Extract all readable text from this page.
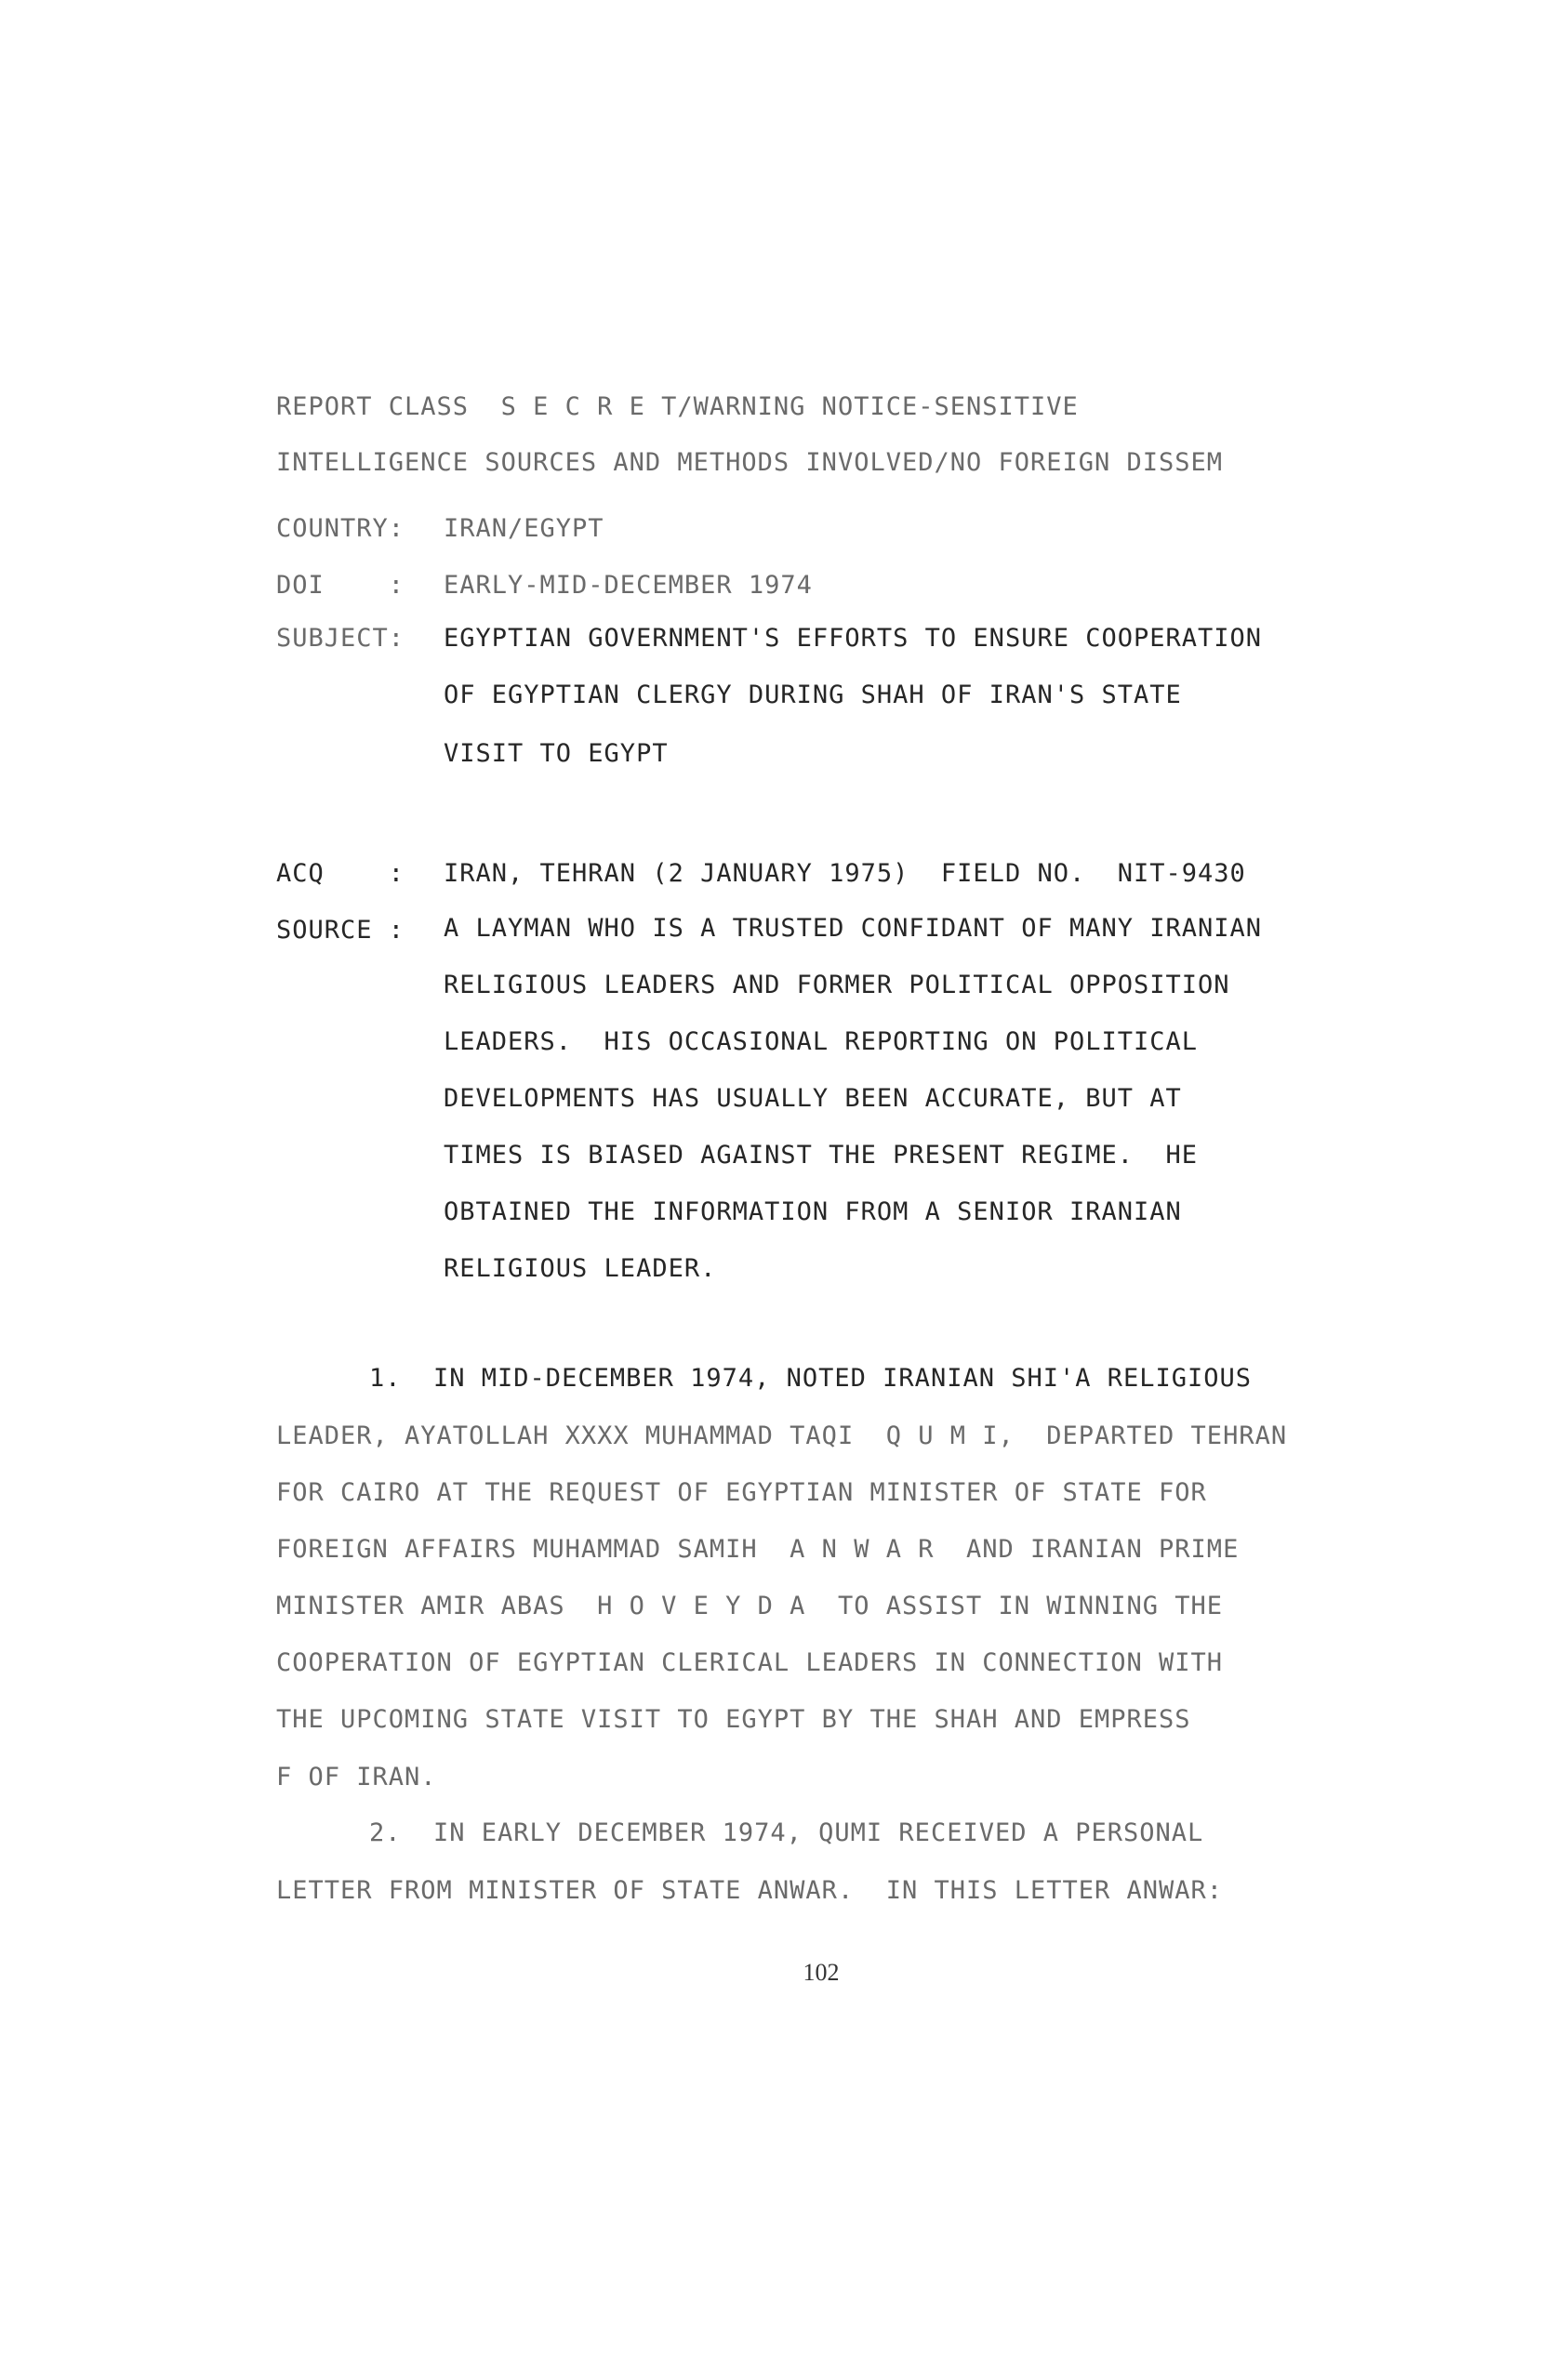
REPORT CLASS  S E C R E T/WARNING NOTICE-SENSITIVE
INTELLIGENCE SOURCES AND METHODS INVOLVED/NO FOREIGN DISSEM
COUNTRY: IRAN/EGYPT
DOI    : EARLY-MID-DECEMBER 1974
SUBJECT: EGYPTIAN GOVERNMENT'S EFFORTS TO ENSURE COOPERATION
OF EGYPTIAN CLERGY DURING SHAH OF IRAN'S STATE
VISIT TO EGYPT
ACQ    : IRAN, TEHRAN (2 JANUARY 1975)  FIELD NO.  NIT-9430
SOURCE : A LAYMAN WHO IS A TRUSTED CONFIDANT OF MANY IRANIAN
RELIGIOUS LEADERS AND FORMER POLITICAL OPPOSITION
LEADERS.  HIS OCCASIONAL REPORTING ON POLITICAL
DEVELOPMENTS HAS USUALLY BEEN ACCURATE, BUT AT
TIMES IS BIASED AGAINST THE PRESENT REGIME.  HE
OBTAINED THE INFORMATION FROM A SENIOR IRANIAN
RELIGIOUS LEADER.
1.  IN MID-DECEMBER 1974, NOTED IRANIAN SHI'A RELIGIOUS
LEADER, AYATOLLAH XXXX MUHAMMAD TAQI  Q U M I,  DEPARTED TEHRAN
FOR CAIRO AT THE REQUEST OF EGYPTIAN MINISTER OF STATE FOR
FOREIGN AFFAIRS MUHAMMAD SAMIH  A N W A R  AND IRANIAN PRIME
MINISTER AMIR ABAS  H O V E Y D A  TO ASSIST IN WINNING THE
COOPERATION OF EGYPTIAN CLERICAL LEADERS IN CONNECTION WITH
THE UPCOMING STATE VISIT TO EGYPT BY THE SHAH AND EMPRESS
F OF IRAN.
2.  IN EARLY DECEMBER 1974, QUMI RECEIVED A PERSONAL
LETTER FROM MINISTER OF STATE ANWAR.  IN THIS LETTER ANWAR:
102
